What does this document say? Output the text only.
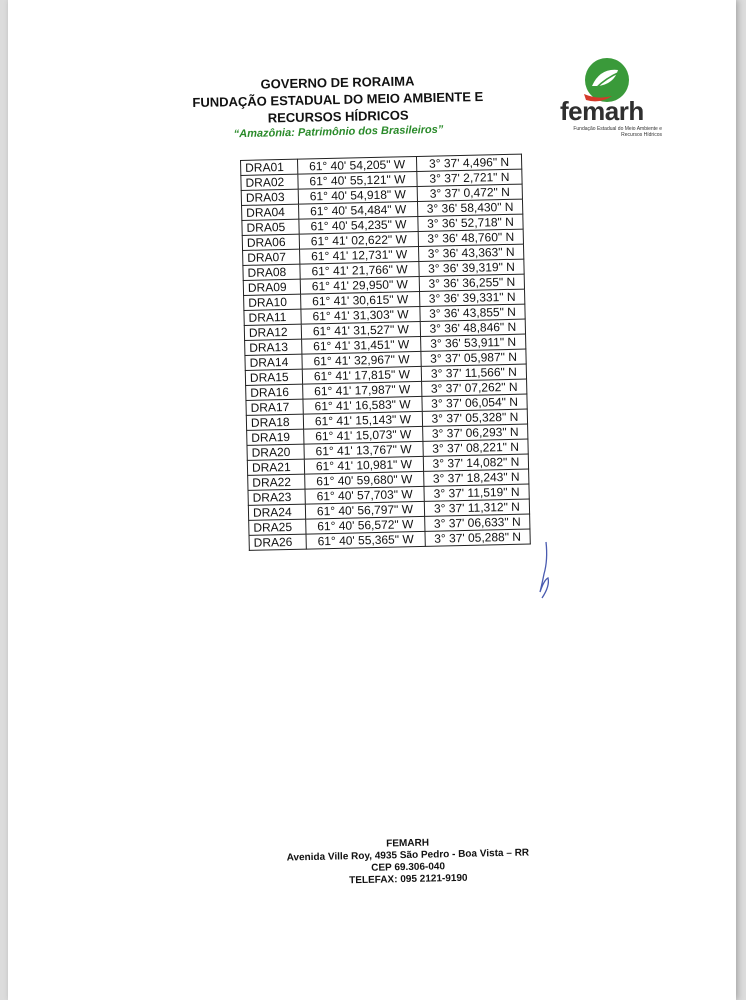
GOVERNO DE RORAIMA
FUNDAÇÃO ESTADUAL DO MEIO AMBIENTE E
RECURSOS HÍDRICOS
“Amazônia: Patrimônio dos Brasileiros”
femarh
Fundação Estadual do Meio Ambiente e Recursos Hídricos
DRA01	61° 40' 54,205" W	3° 37' 4,496" N
DRA02	61° 40' 55,121" W	3° 37' 2,721" N
DRA03	61° 40' 54,918" W	3° 37' 0,472" N
DRA04	61° 40' 54,484" W	3° 36' 58,430" N
DRA05	61° 40' 54,235" W	3° 36' 52,718" N
DRA06	61° 41' 02,622" W	3° 36' 48,760" N
DRA07	61° 41' 12,731" W	3° 36' 43,363" N
DRA08	61° 41' 21,766" W	3° 36' 39,319" N
DRA09	61° 41' 29,950" W	3° 36' 36,255" N
DRA10	61° 41' 30,615" W	3° 36' 39,331" N
DRA11	61° 41' 31,303" W	3° 36' 43,855" N
DRA12	61° 41' 31,527" W	3° 36' 48,846" N
DRA13	61° 41' 31,451" W	3° 36' 53,911" N
DRA14	61° 41' 32,967" W	3° 37' 05,987" N
DRA15	61° 41' 17,815" W	3° 37' 11,566" N
DRA16	61° 41' 17,987" W	3° 37' 07,262" N
DRA17	61° 41' 16,583" W	3° 37' 06,054" N
DRA18	61° 41' 15,143" W	3° 37' 05,328" N
DRA19	61° 41' 15,073" W	3° 37' 06,293" N
DRA20	61° 41' 13,767" W	3° 37' 08,221" N
DRA21	61° 41' 10,981" W	3° 37' 14,082" N
DRA22	61° 40' 59,680" W	3° 37' 18,243" N
DRA23	61° 40' 57,703" W	3° 37' 11,519" N
DRA24	61° 40' 56,797" W	3° 37' 11,312" N
DRA25	61° 40' 56,572" W	3° 37' 06,633" N
DRA26	61° 40' 55,365" W	3° 37' 05,288" N
FEMARH
Avenida Ville Roy, 4935 São Pedro - Boa Vista – RR
CEP 69.306-040
TELEFAX: 095 2121-9190
